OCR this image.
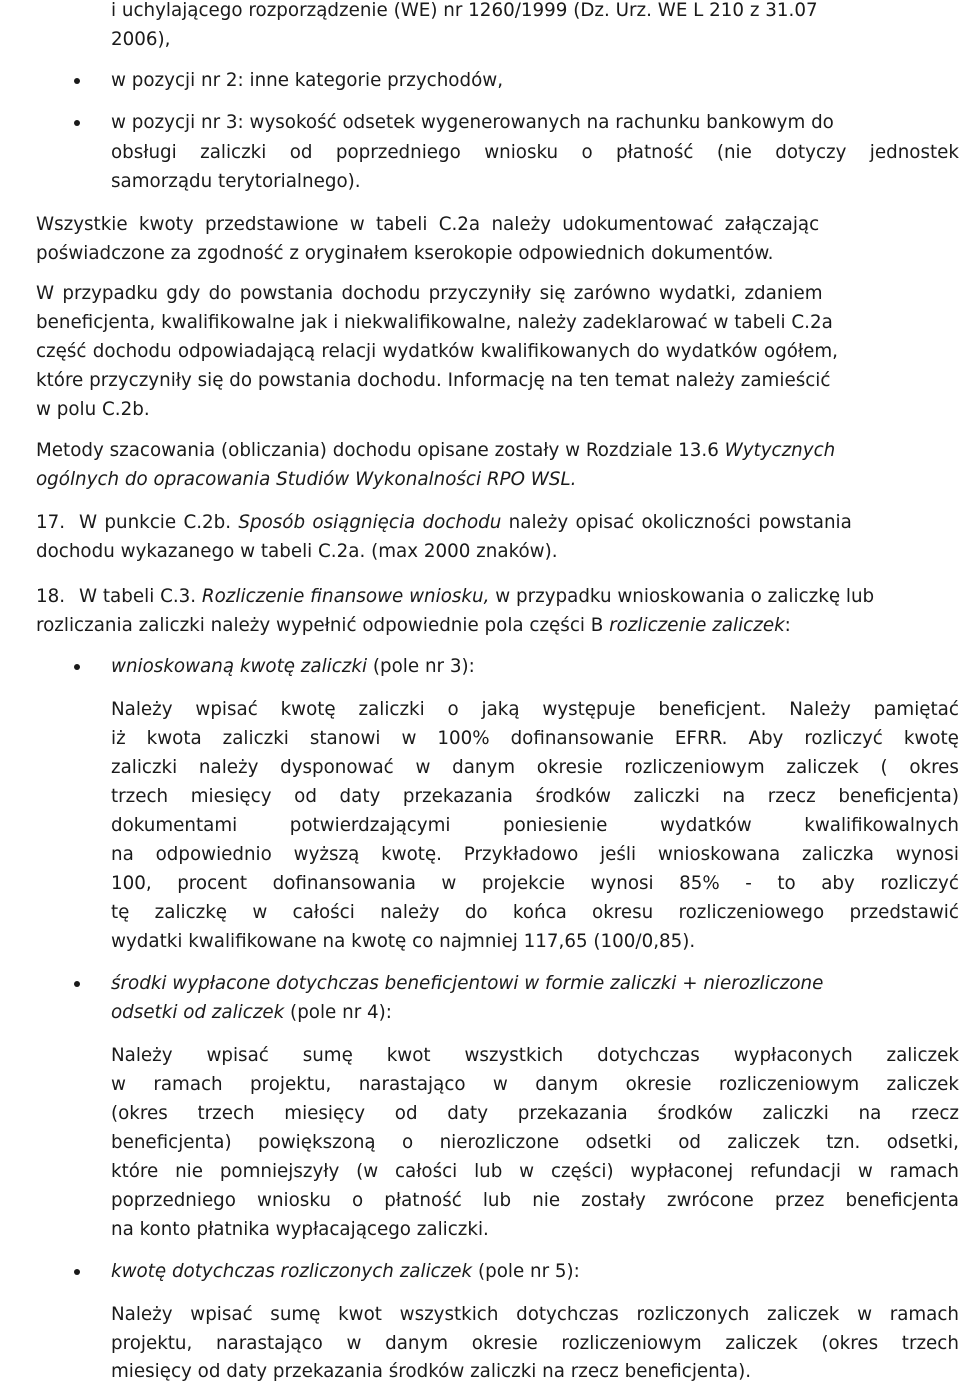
i uchylającego rozporządzenie (WE) nr 1260/1999 (Dz. Urz. WE L 210 z 31.07
2006),
w pozycji nr 2: inne kategorie przychodów,
w pozycji nr 3: wysokość odsetek wygenerowanych na rachunku bankowym do
obsługi zaliczki od poprzedniego wniosku o płatność (nie dotyczy jednostek
samorządu terytorialnego).
Wszystkie kwoty przedstawione w tabeli C.2a należy udokumentować załączając
poświadczone za zgodność z oryginałem kserokopie odpowiednich dokumentów.
W przypadku gdy do powstania dochodu przyczyniły się zarówno wydatki, zdaniem
beneficjenta, kwalifikowalne jak i niekwalifikowalne, należy zadeklarować w tabeli C.2a
część dochodu odpowiadającą relacji wydatków kwalifikowanych do wydatków ogółem,
które przyczyniły się do powstania dochodu. Informację na ten temat należy zamieścić
w polu C.2b.
Metody szacowania (obliczania) dochodu opisane zostały w Rozdziale 13.6 Wytycznych
ogólnych do opracowania Studiów Wykonalności RPO WSL.
17. W punkcie C.2b. Sposób osiągnięcia dochodu należy opisać okoliczności powstania
dochodu wykazanego w tabeli C.2a. (max 2000 znaków).
18. W tabeli C.3. Rozliczenie finansowe wniosku, w przypadku wnioskowania o zaliczkę lub
rozliczania zaliczki należy wypełnić odpowiednie pola części B rozliczenie zaliczek:
wnioskowaną kwotę zaliczki (pole nr 3):
Należy wpisać kwotę zaliczki o jaką występuje beneficjent. Należy pamiętać
iż kwota zaliczki stanowi w 100% dofinansowanie EFRR. Aby rozliczyć kwotę
zaliczki należy dysponować w danym okresie rozliczeniowym zaliczek ( okres
trzech miesięcy od daty przekazania środków zaliczki na rzecz beneficjenta)
dokumentami	potwierdzającymi	poniesienie	wydatków	kwalifikowalnych
na odpowiednio wyższą kwotę. Przykładowo jeśli wnioskowana zaliczka wynosi
100, procent dofinansowania w projekcie wynosi 85% - to aby rozliczyć
tę zaliczkę w całości należy do końca okresu rozliczeniowego przedstawić
wydatki kwalifikowane na kwotę co najmniej 117,65 (100/0,85).
środki wypłacone dotychczas beneficjentowi w formie zaliczki + nierozliczone
odsetki od zaliczek (pole nr 4):
Należy wpisać sumę kwot wszystkich dotychczas wypłaconych zaliczek
w ramach projektu, narastająco w danym okresie rozliczeniowym zaliczek
(okres trzech miesięcy od daty przekazania środków zaliczki na rzecz
beneficjenta) powiększoną o nierozliczone odsetki od zaliczek tzn. odsetki,
które nie pomniejszyły (w całości lub w części) wypłaconej refundacji w ramach
poprzedniego wniosku o płatność lub nie zostały zwrócone przez beneficjenta
na konto płatnika wypłacającego zaliczki.
kwotę dotychczas rozliczonych zaliczek (pole nr 5):
Należy wpisać sumę kwot wszystkich dotychczas rozliczonych zaliczek w ramach
projektu, narastająco w danym okresie rozliczeniowym zaliczek (okres trzech
miesięcy od daty przekazania środków zaliczki na rzecz beneficjenta).
